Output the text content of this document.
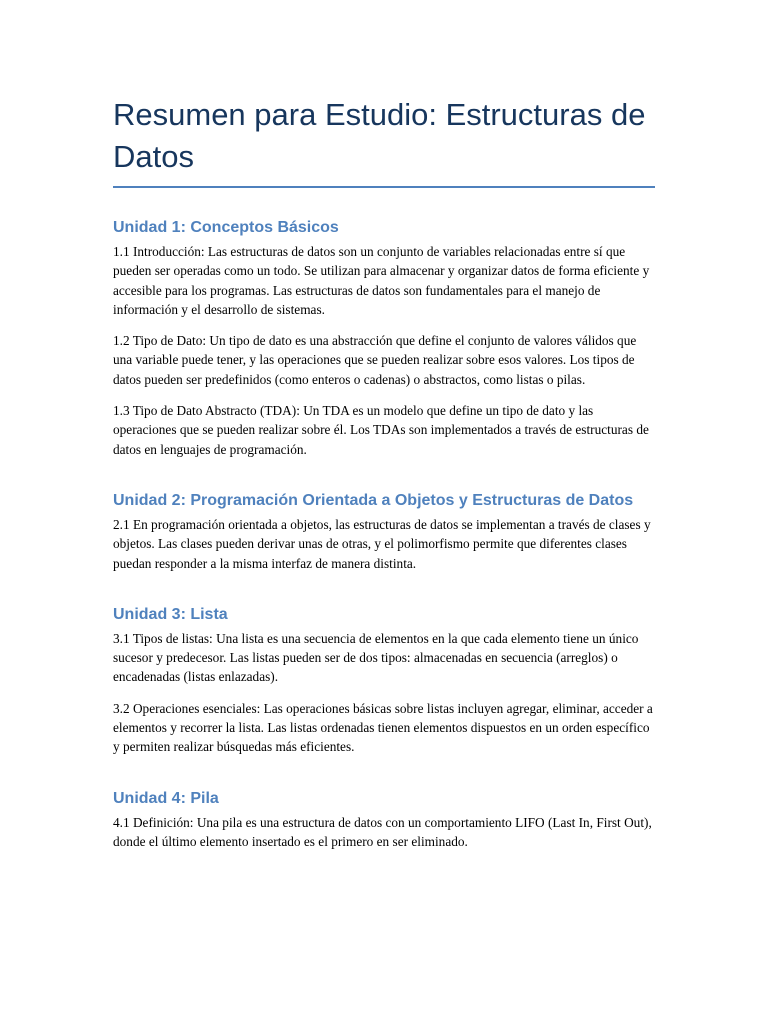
Resumen para Estudio: Estructuras de Datos
Unidad 1: Conceptos Básicos

1.1 Introducción: Las estructuras de datos son un conjunto de variables relacionadas entre sí que pueden ser operadas como un todo. Se utilizan para almacenar y organizar datos de forma eficiente y accesible para los programas. Las estructuras de datos son fundamentales para el manejo de información y el desarrollo de sistemas.

1.2 Tipo de Dato: Un tipo de dato es una abstracción que define el conjunto de valores válidos que una variable puede tener, y las operaciones que se pueden realizar sobre esos valores. Los tipos de datos pueden ser predefinidos (como enteros o cadenas) o abstractos, como listas o pilas.

1.3 Tipo de Dato Abstracto (TDA): Un TDA es un modelo que define un tipo de dato y las operaciones que se pueden realizar sobre él. Los TDAs son implementados a través de estructuras de datos en lenguajes de programación.

Unidad 2: Programación Orientada a Objetos y Estructuras de Datos

2.1 En programación orientada a objetos, las estructuras de datos se implementan a través de clases y objetos. Las clases pueden derivar unas de otras, y el polimorfismo permite que diferentes clases puedan responder a la misma interfaz de manera distinta.

Unidad 3: Lista

3.1 Tipos de listas: Una lista es una secuencia de elementos en la que cada elemento tiene un único sucesor y predecesor. Las listas pueden ser de dos tipos: almacenadas en secuencia (arreglos) o encadenadas (listas enlazadas).

3.2 Operaciones esenciales: Las operaciones básicas sobre listas incluyen agregar, eliminar, acceder a elementos y recorrer la lista. Las listas ordenadas tienen elementos dispuestos en un orden específico y permiten realizar búsquedas más eficientes.

Unidad 4: Pila

4.1 Definición: Una pila es una estructura de datos con un comportamiento LIFO (Last In, First Out), donde el último elemento insertado es el primero en ser eliminado.
